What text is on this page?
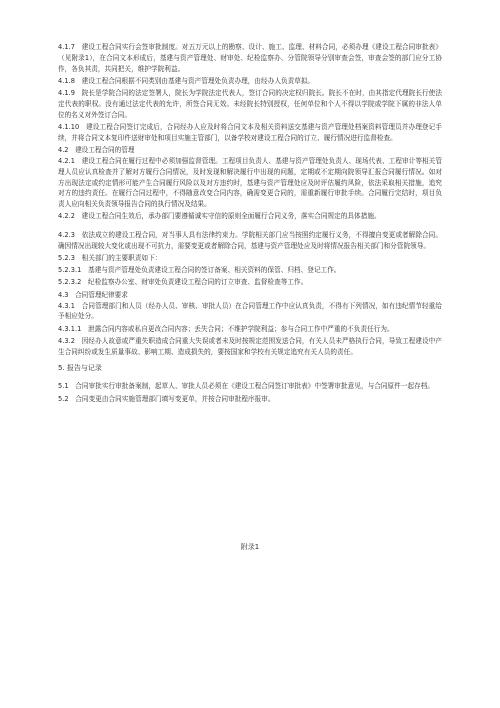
4.1.7　建设工程合同实行会签审批制度。对五万元以上的勘察、设计、施工、监理、材料合同，必须办理《建设工程合同审批表》（见附录1），在合同文本形成后，基建与资产管理处、财审处、纪检监察办、分管院领导分别审查会签，审查会签的部门应分工协作，各负其责，共同把关，维护学院利益。

4.1.8　建设工程合同根据不同类别由基建与资产管理处负责办理，由经办人负责草拟。

4.1.9　院长是学院合同的法定签署人，院长为学院法定代表人，签订合同的决定权归院长。院长不在时，由其指定代理院长行使法定代表的职权。没有通过法定代表的允许，所签合同无效。未经院长特别授权，任何单位和个人不得以学院或学院下属的非法人单位的名义对外签订合同。

4.1.10　建设工程合同签订完成后，合同经办人应及时将合同文本及相关资料送交基建与资产管理处档案资料管理员并办理登记手续，并将合同文本复印件送财审处和项目实施主管部门，以备学校对建设工程合同的订立、履行情况进行监督检查。

4.2　建设工程合同的管理

4.2.1　建设工程合同在履行过程中必须加强监督管理。工程项目负责人、基建与资产管理处负责人、现场代表、工程审计等相关管理人员应认真检查并了解对方履行合同情况，及时发现和解决履行中出现的问题，定期或不定期向院领导汇报合同履行情况。如对方出现法定或约定情形可能产生合同履行风险以及对方违约时，基建与资产管理处应及时评估履约风险，依法采取相关措施，追究对方的违约责任。在履行合同过程中，不得随意改变合同内容，确需变更合同的，需重新履行审批手续。合同履行完结时，项目负责人应向相关负责领导报告合同的执行情况及结果。

4.2.2　建设工程合同生效后，承办部门要遵循诚实守信的原则全面履行合同义务，落实合同规定的具体措施。

4.2.3　依法成立的建设工程合同，对当事人具有法律约束力。学院相关部门应当按照约定履行义务，不得擅自变更或者解除合同。确因情况出现较大变化或出现不可抗力，需要变更或者解除合同，基建与资产管理处应及时将情况报告相关部门和分管院领导。

5.2.3　相关部门的主要职责如下：

5.2.3.1　基建与资产管理处负责建设工程合同的签订备案、相关资料的保管、归档、登记工作。

5.2.3.2　纪检监察办公室、财审处负责建设工程合同的订立审查、监督检查等工作。

4.3　合同管理纪律要求

4.3.1　合同管理部门和人员（经办人员、审核、审批人员）在合同管理工作中应认真负责，不得有下列情况，如有违纪情节轻重给予相应处分。

4.3.1.1　泄露合同内容或私自更改合同内容；丢失合同；不维护学院利益；参与合同工作中严重的不负责任行为。

4.3.2　因经办人故意或严重失职造成合同重大失误或者未及时按规定范围发送合同，有关人员未严格执行合同，导致工程建设中产生合同纠纷或发生质量事故、影响工期、造成损失的，要按国家和学校有关规定追究有关人员的责任。

5. 报告与记录

5.1　合同审批实行审批备案制，起草人、审批人员必须在《建设工程合同签订审批表》中签署审批意见，与合同原件一起存档。

5.2　合同变更由合同实施管理部门填写变更单，并按合同审批程序报审。

附录1
